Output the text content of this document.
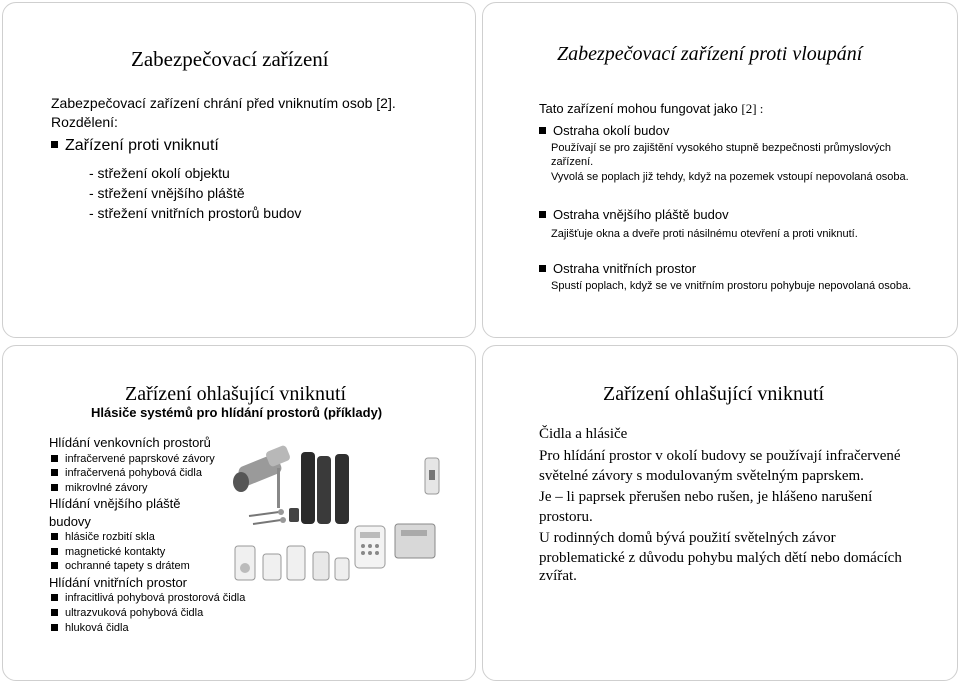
Zabezpečovací zařízení
Zabezpečovací zařízení chrání před vniknutím osob [2].
Rozdělení:
Zařízení proti vniknutí
- střežení okolí objektu
- střežení vnějšího pláště
- střežení vnitřních prostorů budov
Zabezpečovací zařízení proti vloupání
Tato zařízení mohou fungovat jako [2] :
Ostraha okolí budov
Používají se pro zajištění vysokého stupně bezpečnosti průmyslových
zařízení.
Vyvolá se poplach již tehdy, když na pozemek vstoupí nepovolaná osoba.
Ostraha vnějšího pláště budov
Zajišťuje okna a dveře proti násilnému otevření a proti vniknutí.
Ostraha vnitřních prostor
Spustí poplach, když se ve vnitřním prostoru pohybuje nepovolaná osoba.
Zařízení ohlašující vniknutí
Hlásiče systémů pro hlídání prostorů (příklady)
Hlídání venkovních prostorů
infračervené paprskové závory
infračervená pohybová čidla
mikrovlné závory
Hlídání vnějšího pláště
budovy
hlásiče rozbití skla
magnetické kontakty
ochranné tapety s drátem
Hlídání vnitřních prostor
infracitlivá pohybová prostorová čidla
ultrazvuková pohybová čidla
hluková čidla
Zařízení ohlašující vniknutí
Čidla a hlásiče
Pro hlídání prostor v okolí budovy se používají infračervené
světelné závory s modulovaným světelným paprskem.
Je – li paprsek přerušen nebo rušen, je hlášeno narušení
prostoru.
U rodinných domů bývá použití světelných závor
problematické z důvodu pohybu malých dětí nebo domácích
zvířat.
